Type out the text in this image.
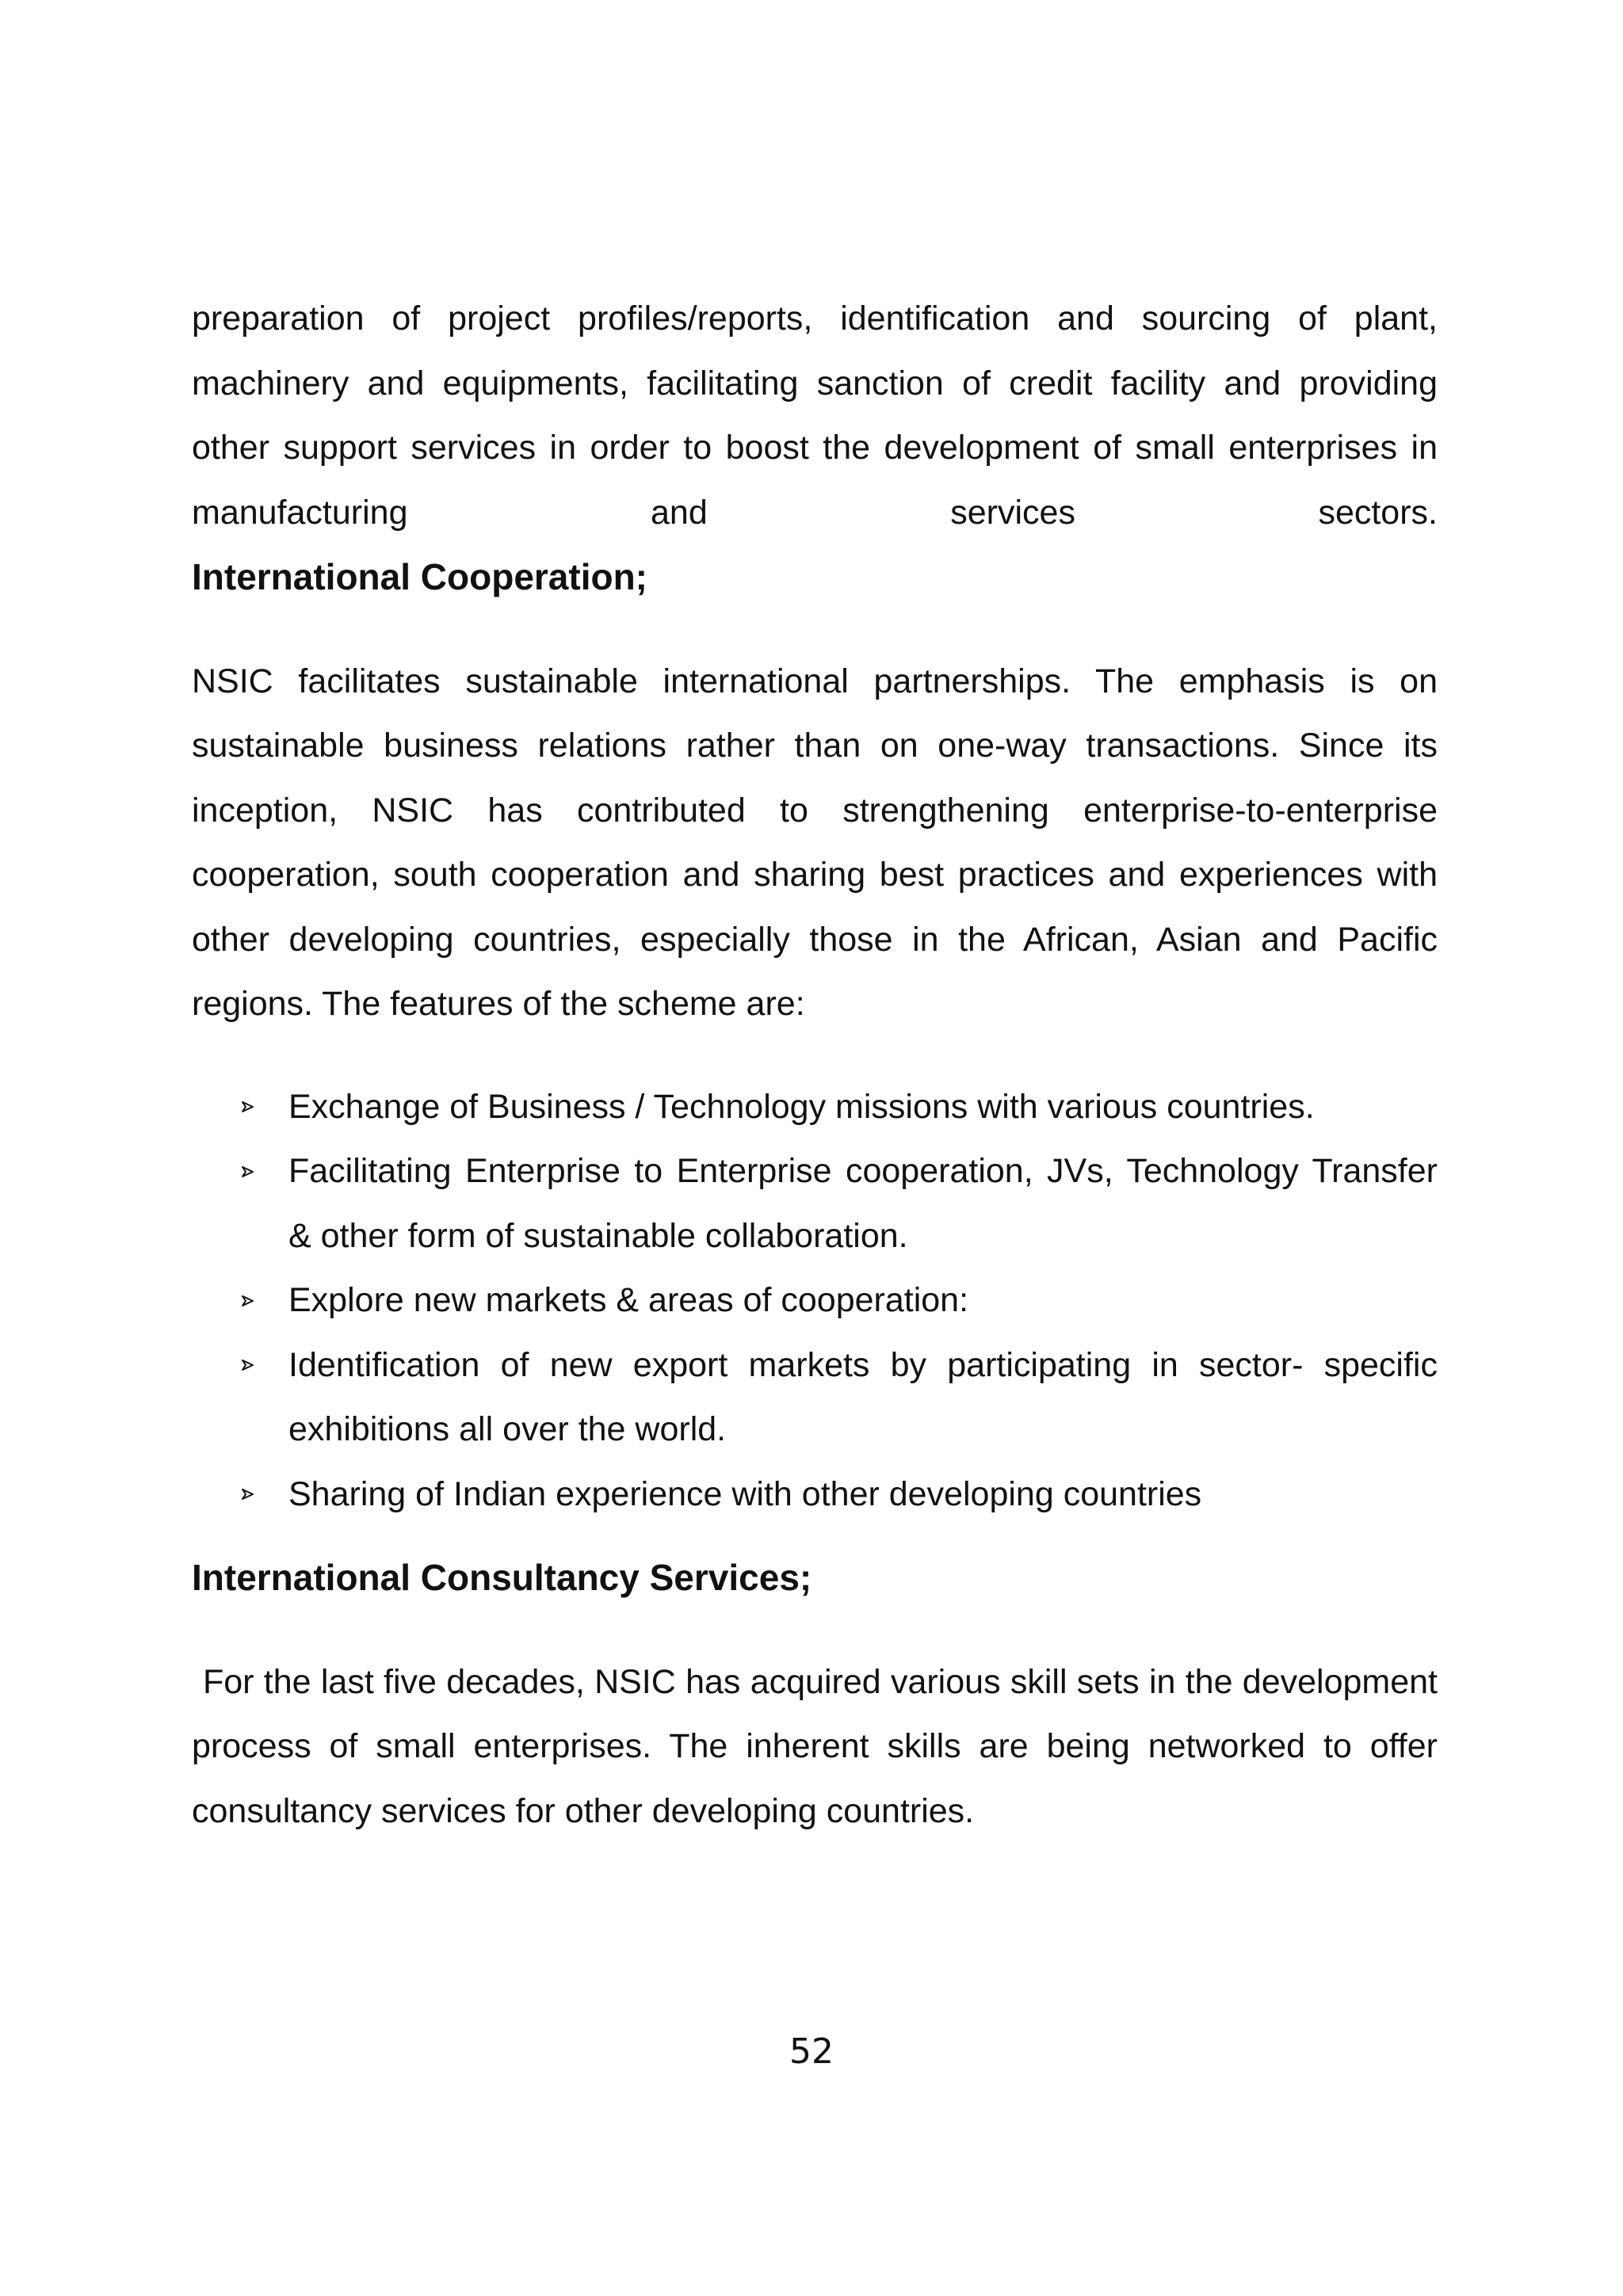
preparation of project profiles/reports, identification and sourcing of plant, machinery and equipments, facilitating sanction of credit facility and providing other support services in order to boost the development of small enterprises in manufacturing and services sectors.

International Cooperation;

NSIC facilitates sustainable international partnerships. The emphasis is on sustainable business relations rather than on one-way transactions. Since its inception, NSIC has contributed to strengthening enterprise-to-enterprise cooperation, south cooperation and sharing best practices and experiences with other developing countries, especially those in the African, Asian and Pacific regions. The features of the scheme are:

Exchange of Business / Technology missions with various countries.
Facilitating Enterprise to Enterprise cooperation, JVs, Technology Transfer & other form of sustainable collaboration.
Explore new markets & areas of cooperation:
Identification of new export markets by participating in sector- specific exhibitions all over the world.
Sharing of Indian experience with other developing countries
International Consultancy Services;

For the last five decades, NSIC has acquired various skill sets in the development process of small enterprises. The inherent skills are being networked to offer consultancy services for other developing countries.

52
